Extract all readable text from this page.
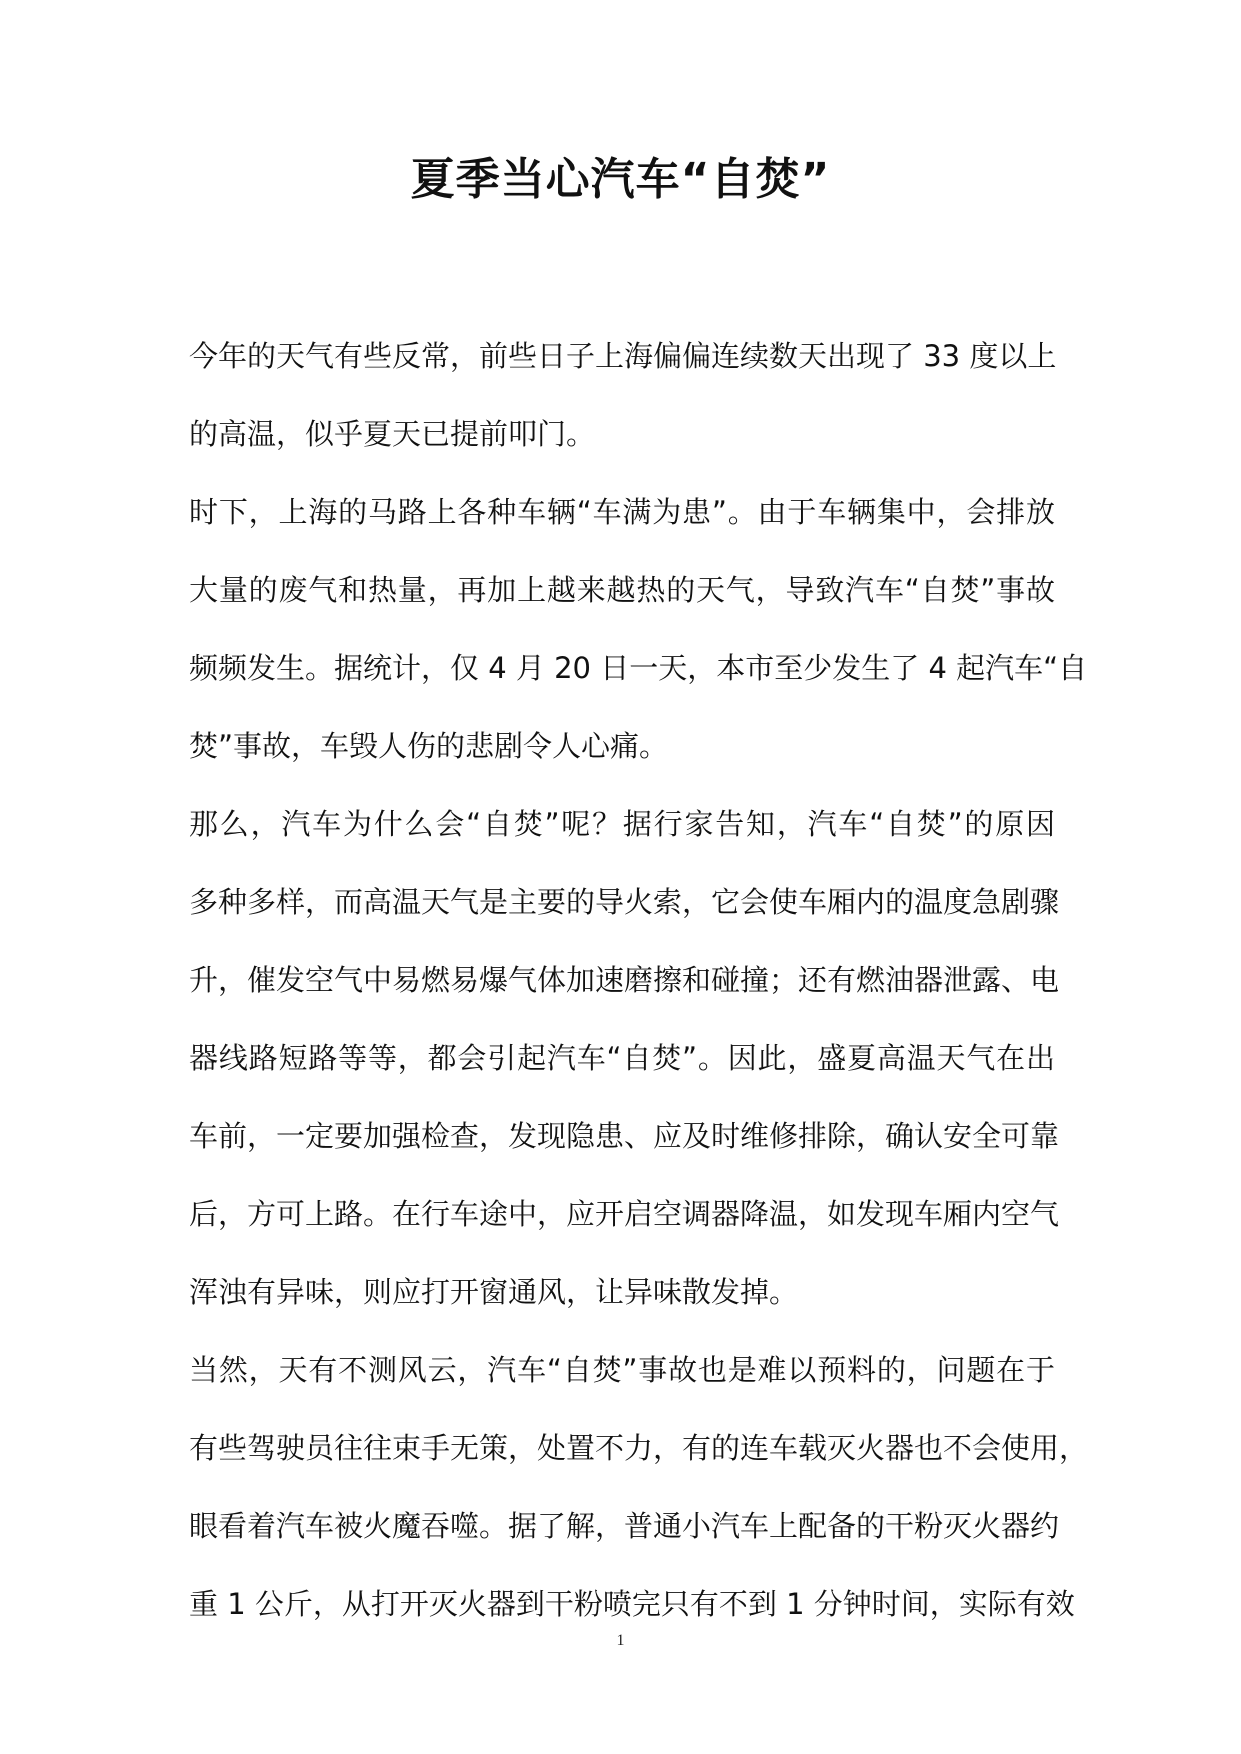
夏季当心汽车“自焚”
今年的天气有些反常，前些日子上海偏偏连续数天出现了 33 度以上
的高温，似乎夏天已提前叩门。
时下，上海的马路上各种车辆“车满为患”。由于车辆集中，会排放
大量的废气和热量，再加上越来越热的天气，导致汽车“自焚”事故
频频发生。据统计，仅 4 月 20 日一天，本市至少发生了 4 起汽车“自
焚”事故，车毁人伤的悲剧令人心痛。
那么，汽车为什么会“自焚”呢？据行家告知，汽车“自焚”的原因
多种多样，而高温天气是主要的导火索，它会使车厢内的温度急剧骤
升，催发空气中易燃易爆气体加速磨擦和碰撞；还有燃油器泄露、电
器线路短路等等，都会引起汽车“自焚”。因此，盛夏高温天气在出
车前，一定要加强检查，发现隐患、应及时维修排除，确认安全可靠
后，方可上路。在行车途中，应开启空调器降温，如发现车厢内空气
浑浊有异味，则应打开窗通风，让异味散发掉。
当然，天有不测风云，汽车“自焚”事故也是难以预料的，问题在于
有些驾驶员往往束手无策，处置不力，有的连车载灭火器也不会使用，
眼看着汽车被火魔吞噬。据了解，普通小汽车上配备的干粉灭火器约
重 1 公斤，从打开灭火器到干粉喷完只有不到 1 分钟时间，实际有效
1
